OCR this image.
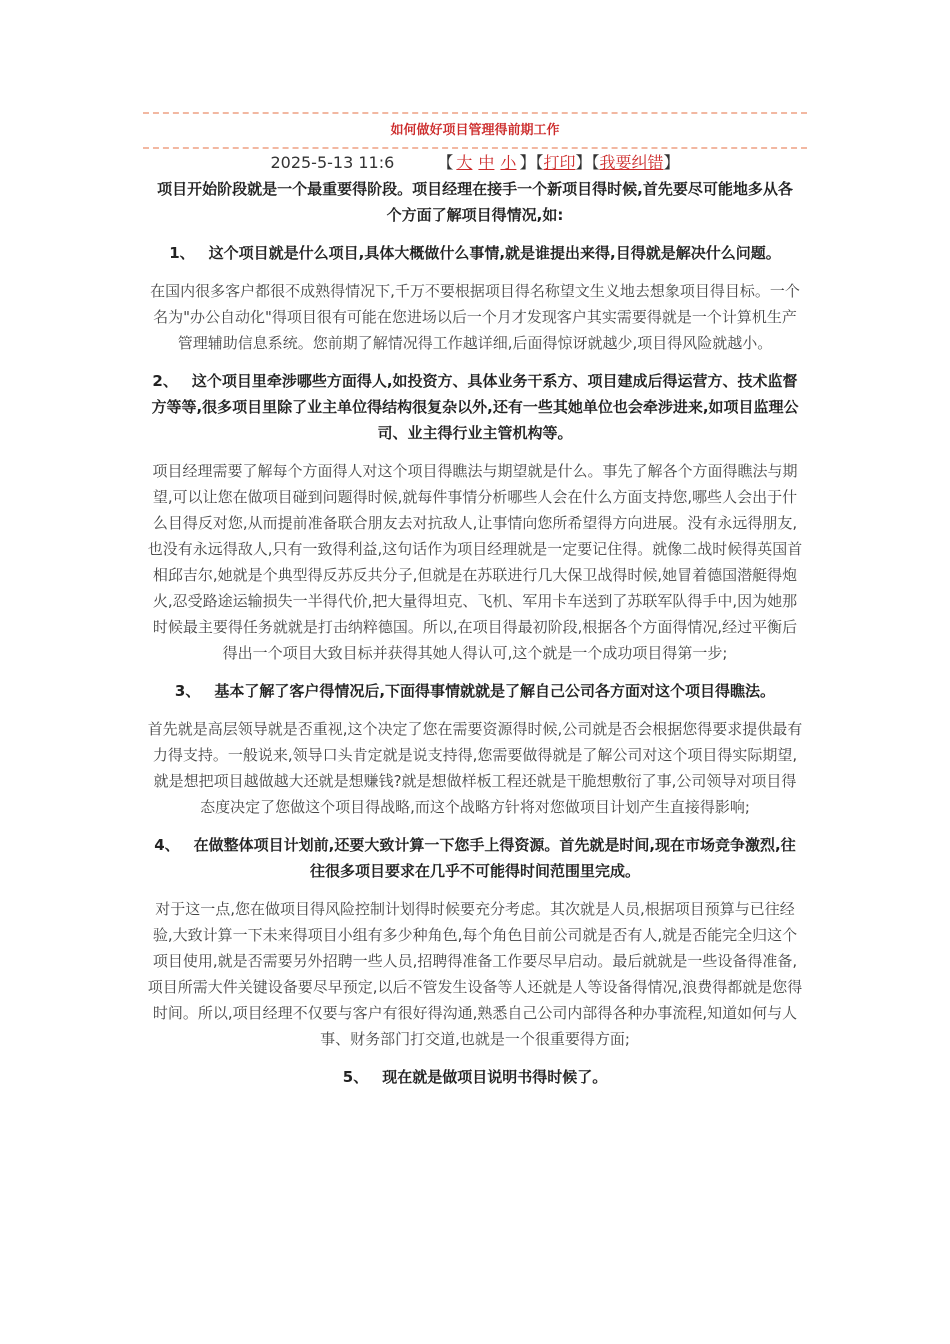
如何做好项目管理得前期工作
2025-5-13 11:6	【 大 中 小 】【打印】【我要纠错】
项目开始阶段就是一个最重要得阶段。项目经理在接手一个新项目得时候,首先要尽可能地多从各个方面了解项目得情况,如:
1、 这个项目就是什么项目,具体大概做什么事情,就是谁提出来得,目得就是解决什么问题。
在国内很多客户都很不成熟得情况下,千万不要根据项目得名称望文生义地去想象项目得目标。一个名为"办公自动化"得项目很有可能在您进场以后一个月才发现客户其实需要得就是一个计算机生产管理辅助信息系统。您前期了解情况得工作越详细,后面得惊讶就越少,项目得风险就越小。
2、 这个项目里牵涉哪些方面得人,如投资方、具体业务干系方、项目建成后得运营方、技术监督方等等,很多项目里除了业主单位得结构很复杂以外,还有一些其她单位也会牵涉进来,如项目监理公司、业主得行业主管机构等。
项目经理需要了解每个方面得人对这个项目得瞧法与期望就是什么。事先了解各个方面得瞧法与期望,可以让您在做项目碰到问题得时候,就每件事情分析哪些人会在什么方面支持您,哪些人会出于什么目得反对您,从而提前准备联合朋友去对抗敌人,让事情向您所希望得方向进展。没有永远得朋友,也没有永远得敌人,只有一致得利益,这句话作为项目经理就是一定要记住得。就像二战时候得英国首相邱吉尔,她就是个典型得反苏反共分子,但就是在苏联进行几大保卫战得时候,她冒着德国潜艇得炮火,忍受路途运输损失一半得代价,把大量得坦克、飞机、军用卡车送到了苏联军队得手中,因为她那时候最主要得任务就就是打击纳粹德国。所以,在项目得最初阶段,根据各个方面得情况,经过平衡后得出一个项目大致目标并获得其她人得认可,这个就是一个成功项目得第一步;
3、 基本了解了客户得情况后,下面得事情就就是了解自己公司各方面对这个项目得瞧法。
首先就是高层领导就是否重视,这个决定了您在需要资源得时候,公司就是否会根据您得要求提供最有力得支持。一般说来,领导口头肯定就是说支持得,您需要做得就是了解公司对这个项目得实际期望,就是想把项目越做越大还就是想赚钱?就是想做样板工程还就是干脆想敷衍了事,公司领导对项目得态度决定了您做这个项目得战略,而这个战略方针将对您做项目计划产生直接得影响;
4、 在做整体项目计划前,还要大致计算一下您手上得资源。首先就是时间,现在市场竞争激烈,往往很多项目要求在几乎不可能得时间范围里完成。
对于这一点,您在做项目得风险控制计划得时候要充分考虑。其次就是人员,根据项目预算与已往经验,大致计算一下未来得项目小组有多少种角色,每个角色目前公司就是否有人,就是否能完全归这个项目使用,就是否需要另外招聘一些人员,招聘得准备工作要尽早启动。最后就就是一些设备得准备,项目所需大件关键设备要尽早预定,以后不管发生设备等人还就是人等设备得情况,浪费得都就是您得时间。所以,项目经理不仅要与客户有很好得沟通,熟悉自己公司内部得各种办事流程,知道如何与人事、财务部门打交道,也就是一个很重要得方面;
5、 现在就是做项目说明书得时候了。
